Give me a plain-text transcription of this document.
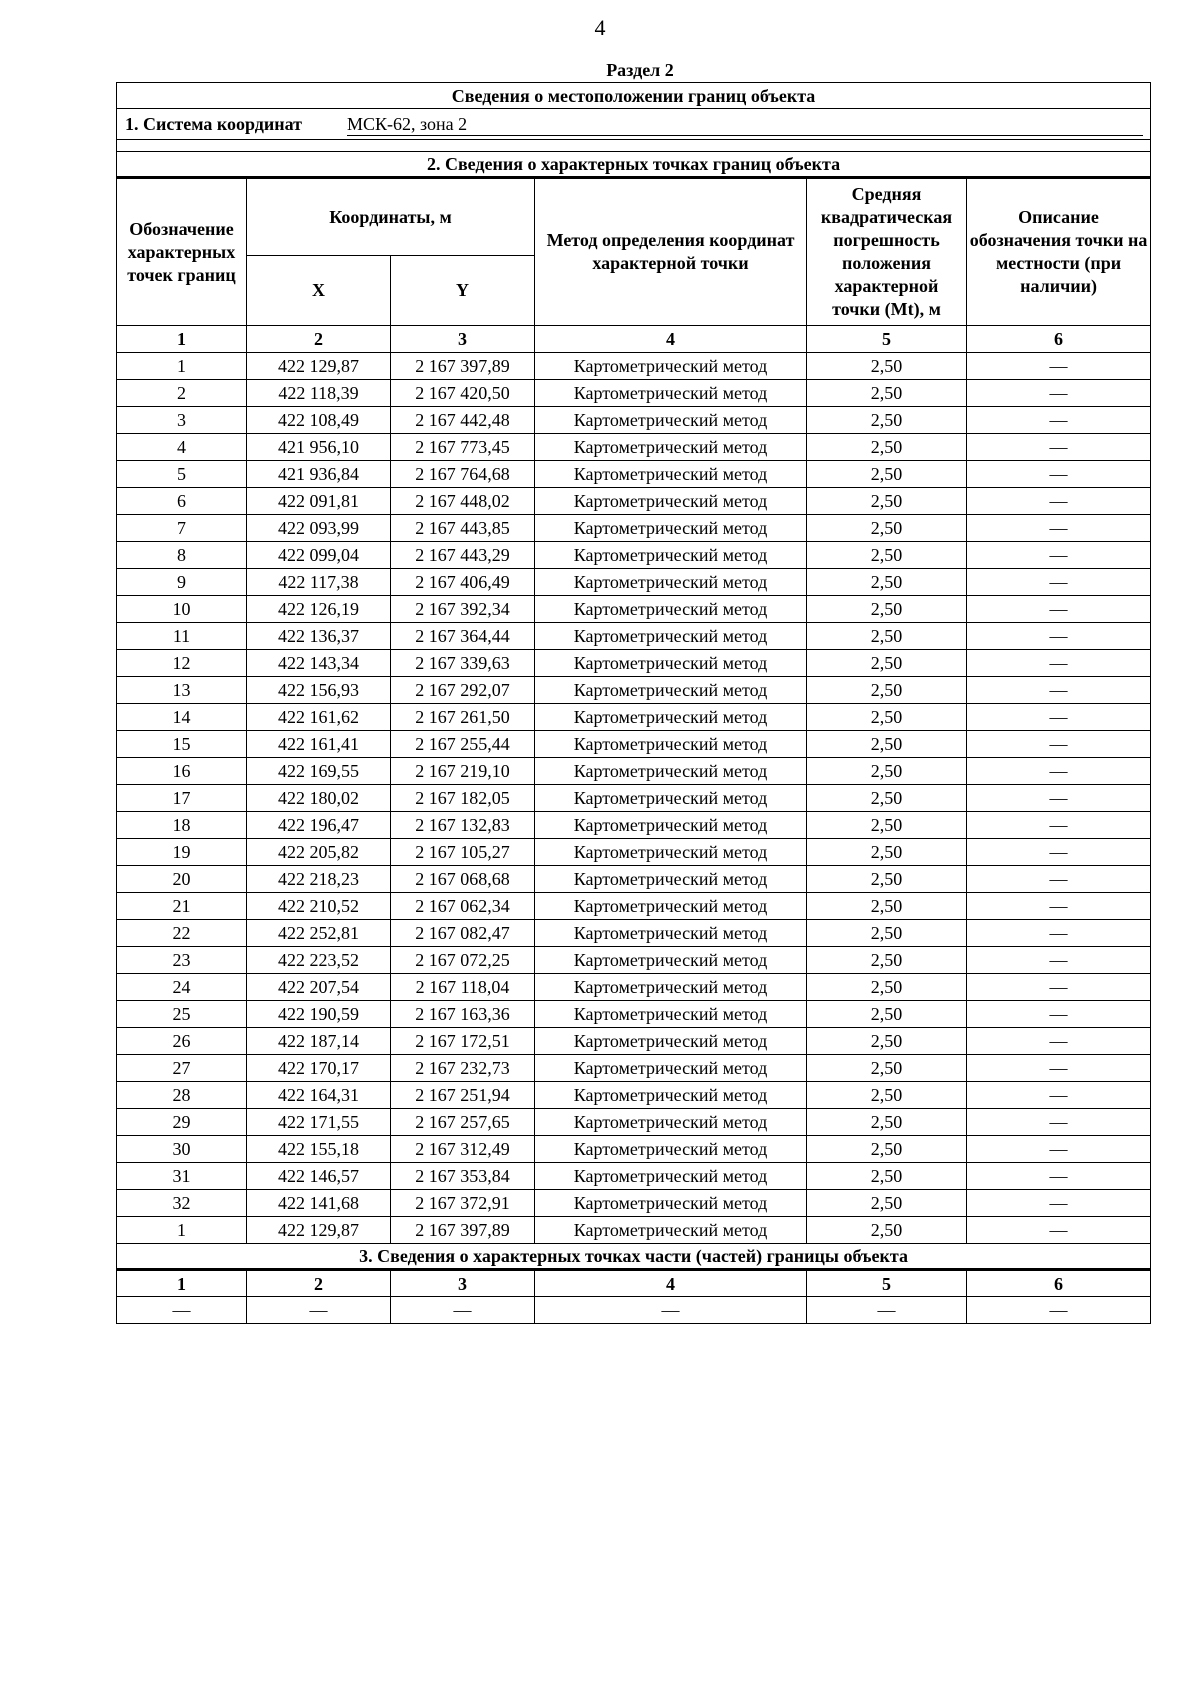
4
Раздел 2
Сведения о местоположении границ объекта					
1. Система координат МСК-62, зона 2					

2. Сведения о характерных точках границ объекта					
Обозначение характерных точек границ	Координаты, м		Метод определения координат характерной точки	Средняя квадратическая погрешность положения характерной точки (Mt), м	Описание обозначения точки на местности (при наличии)
	X	Y			
1	2	3	4	5	6
1	422 129,87	2 167 397,89	Картометрический метод	2,50	—
2	422 118,39	2 167 420,50	Картометрический метод	2,50	—
3	422 108,49	2 167 442,48	Картометрический метод	2,50	—
4	421 956,10	2 167 773,45	Картометрический метод	2,50	—
5	421 936,84	2 167 764,68	Картометрический метод	2,50	—
6	422 091,81	2 167 448,02	Картометрический метод	2,50	—
7	422 093,99	2 167 443,85	Картометрический метод	2,50	—
8	422 099,04	2 167 443,29	Картометрический метод	2,50	—
9	422 117,38	2 167 406,49	Картометрический метод	2,50	—
10	422 126,19	2 167 392,34	Картометрический метод	2,50	—
11	422 136,37	2 167 364,44	Картометрический метод	2,50	—
12	422 143,34	2 167 339,63	Картометрический метод	2,50	—
13	422 156,93	2 167 292,07	Картометрический метод	2,50	—
14	422 161,62	2 167 261,50	Картометрический метод	2,50	—
15	422 161,41	2 167 255,44	Картометрический метод	2,50	—
16	422 169,55	2 167 219,10	Картометрический метод	2,50	—
17	422 180,02	2 167 182,05	Картометрический метод	2,50	—
18	422 196,47	2 167 132,83	Картометрический метод	2,50	—
19	422 205,82	2 167 105,27	Картометрический метод	2,50	—
20	422 218,23	2 167 068,68	Картометрический метод	2,50	—
21	422 210,52	2 167 062,34	Картометрический метод	2,50	—
22	422 252,81	2 167 082,47	Картометрический метод	2,50	—
23	422 223,52	2 167 072,25	Картометрический метод	2,50	—
24	422 207,54	2 167 118,04	Картометрический метод	2,50	—
25	422 190,59	2 167 163,36	Картометрический метод	2,50	—
26	422 187,14	2 167 172,51	Картометрический метод	2,50	—
27	422 170,17	2 167 232,73	Картометрический метод	2,50	—
28	422 164,31	2 167 251,94	Картометрический метод	2,50	—
29	422 171,55	2 167 257,65	Картометрический метод	2,50	—
30	422 155,18	2 167 312,49	Картометрический метод	2,50	—
31	422 146,57	2 167 353,84	Картометрический метод	2,50	—
32	422 141,68	2 167 372,91	Картометрический метод	2,50	—
1	422 129,87	2 167 397,89	Картометрический метод	2,50	—
3. Сведения о характерных точках части (частей) границы объекта					
1	2	3	4	5	6
—	—	—	—	—	—
